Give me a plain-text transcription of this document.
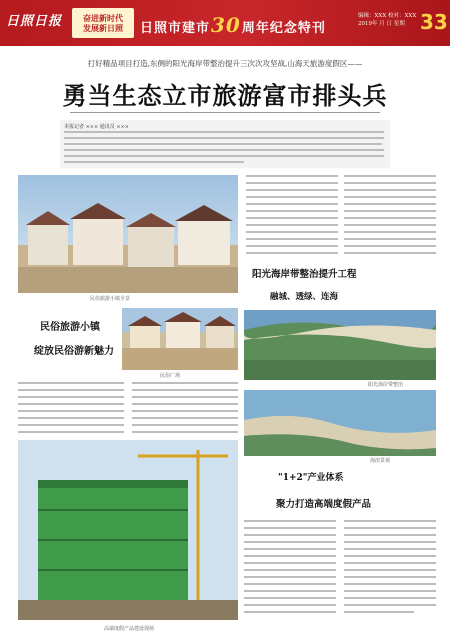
日照日报	奋进新时代
发展新日照	日照市建市30周年纪念特刊
编辑：XXX 校对：XXX
2019年 月 日 星期 33
打好精品项目打造,东侧的阳光海岸带整治提升三次次攻坚战,山海天旅游度假区——
勇当生态立市旅游富市排头兵
本报记者 ××× 通讯员 ×××
民俗旅游小镇全景
阳光海岸带整治提升工程
融城、透绿、连海
民俗旅游小镇
绽放民俗游新魅力
民俗广场
阳光海岸带整治
海滨景观
高端度假产品建设现场
"1+2"产业体系
聚力打造高端度假产品
